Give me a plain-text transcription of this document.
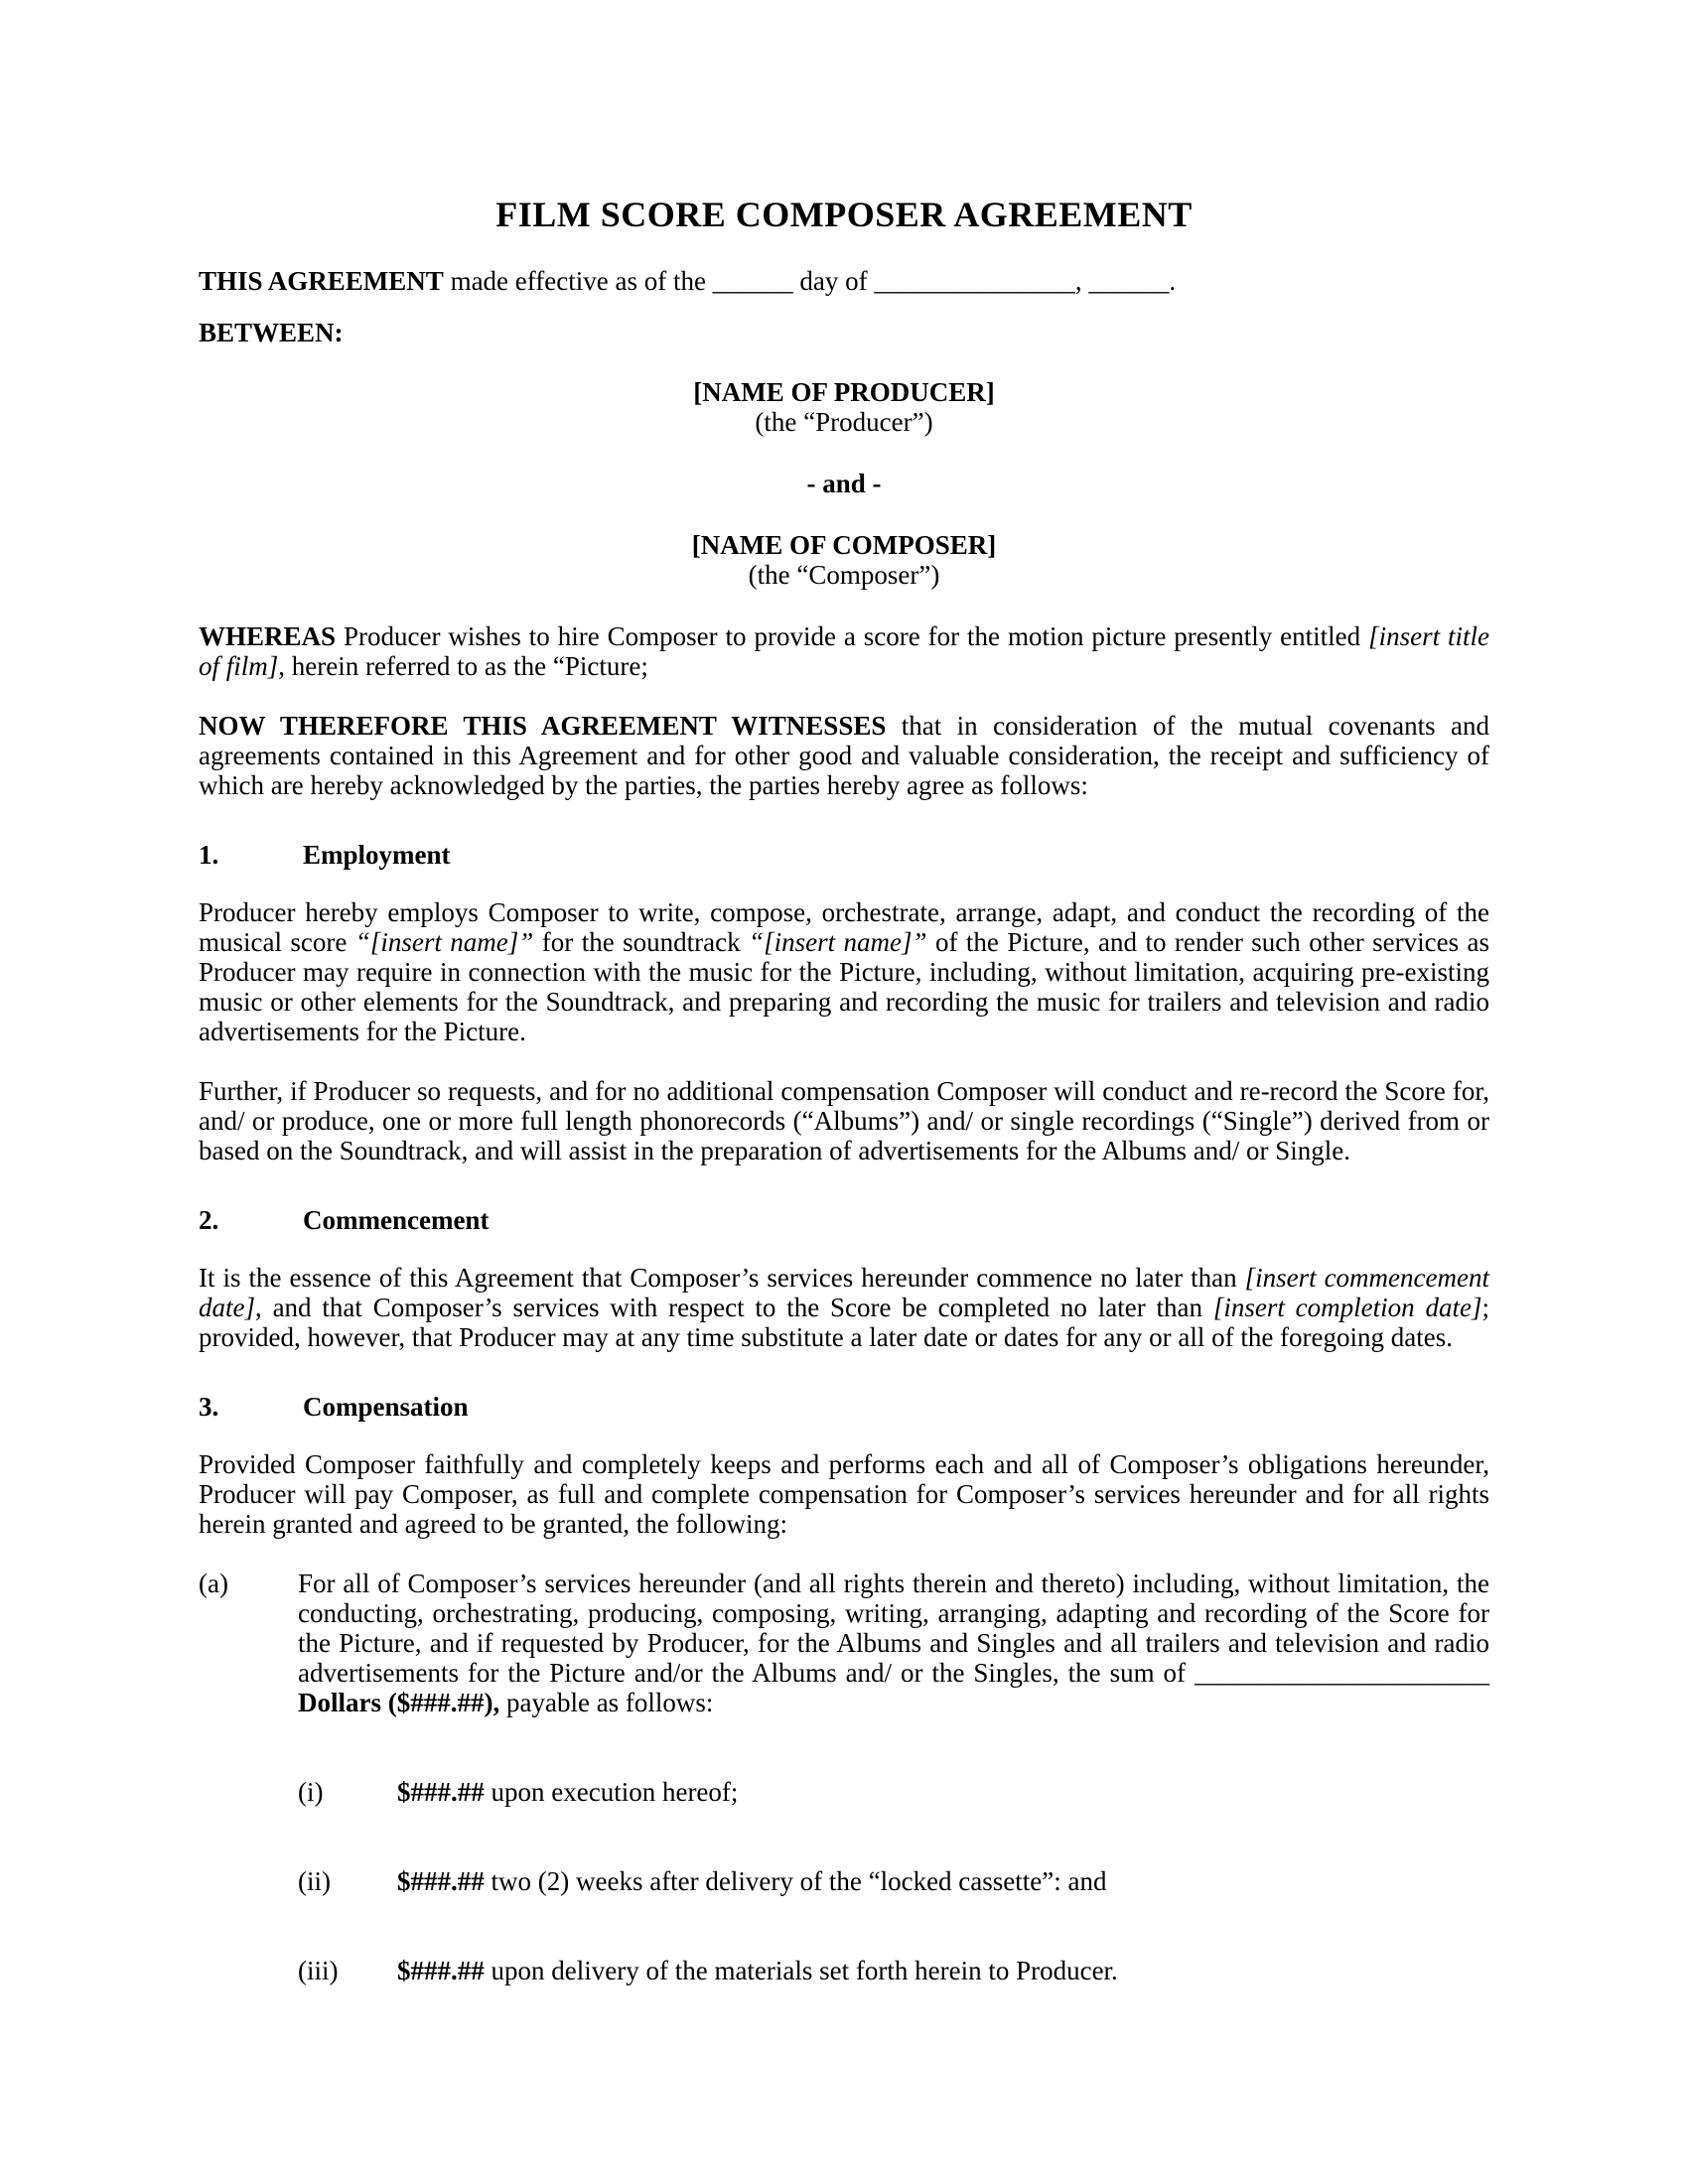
FILM SCORE COMPOSER AGREEMENT

THIS AGREEMENT made effective as of the ______ day of _______________, ______.

BETWEEN:

[NAME OF PRODUCER]
(the “Producer”)
- and -
[NAME OF COMPOSER]
(the “Composer”)

WHEREAS Producer wishes to hire Composer to provide a score for the motion picture presently entitled [insert title of film], herein referred to as the “Picture;

NOW THEREFORE THIS AGREEMENT WITNESSES that in consideration of the mutual covenants and agreements contained in this Agreement and for other good and valuable consideration, the receipt and sufficiency of which are hereby acknowledged by the parties, the parties hereby agree as follows:

1.	Employment

Producer hereby employs Composer to write, compose, orchestrate, arrange, adapt, and conduct the recording of the musical score “[insert name]” for the soundtrack “[insert name]” of the Picture, and to render such other services as Producer may require in connection with the music for the Picture, including, without limitation, acquiring pre-existing music or other elements for the Soundtrack, and preparing and recording the music for trailers and television and radio advertisements for the Picture.

Further, if Producer so requests, and for no additional compensation Composer will conduct and re-record the Score for, and/ or produce, one or more full length phonorecords (“Albums”) and/ or single recordings (“Single”) derived from or based on the Soundtrack, and will assist in the preparation of advertisements for the Albums and/ or Single.

2.	Commencement

It is the essence of this Agreement that Composer’s services hereunder commence no later than [insert commencement date], and that Composer’s services with respect to the Score be completed no later than [insert completion date]; provided, however, that Producer may at any time substitute a later date or dates for any or all of the foregoing dates.

3.	Compensation

Provided Composer faithfully and completely keeps and performs each and all of Composer’s obligations hereunder, Producer will pay Composer, as full and complete compensation for Composer’s services hereunder and for all rights herein granted and agreed to be granted, the following:

(a)	For all of Composer’s services hereunder (and all rights therein and thereto) including, without limitation, the conducting, orchestrating, producing, composing, writing, arranging, adapting and recording of the Score for the Picture, and if requested by Producer, for the Albums and Singles and all trailers and television and radio advertisements for the Picture and/or the Albums and/ or the Singles, the sum of ______________________ Dollars ($###.##), payable as follows:
(i)	$###.## upon execution hereof;
(ii)	$###.## two (2) weeks after delivery of the “locked cassette”: and
(iii)	$###.## upon delivery of the materials set forth herein to Producer.
